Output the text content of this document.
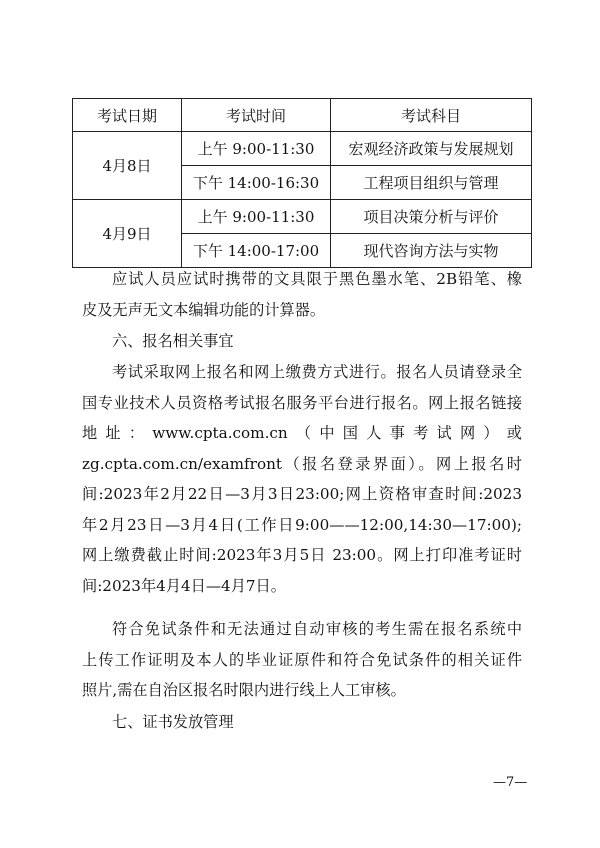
考试日期	考试时间	考试科目
4月8日	上午 9:00-11:30	宏观经济政策与发展规划
	下午 14:00-16:30	工程项目组织与管理
4月9日	上午 9:00-11:30	项目决策分析与评价
	下午 14:00-17:00	现代咨询方法与实物
应试人员应试时携带的文具限于黑色墨水笔、2B铅笔、橡
皮及无声无文本编辑功能的计算器。
六、报名相关事宜
考试采取网上报名和网上缴费方式进行。报名人员请登录全
国专业技术人员资格考试报名服务平台进行报名。网上报名链接
地址：www.cpta.com.cn（中国人事考试网）或
zg.cpta.com.cn/examfront（报名登录界面）。网上报名时
间:2023年2月22日—3月3日23:00;网上资格审查时间:2023
年2月23日—3月4日(工作日9:00——12:00,14:30—17:00);
网上缴费截止时间:2023年3月5日 23:00。网上打印准考证时
间:2023年4月4日—4月7日。
符合免试条件和无法通过自动审核的考生需在报名系统中
上传工作证明及本人的毕业证原件和符合免试条件的相关证件
照片,需在自治区报名时限内进行线上人工审核。
七、证书发放管理
—7—
